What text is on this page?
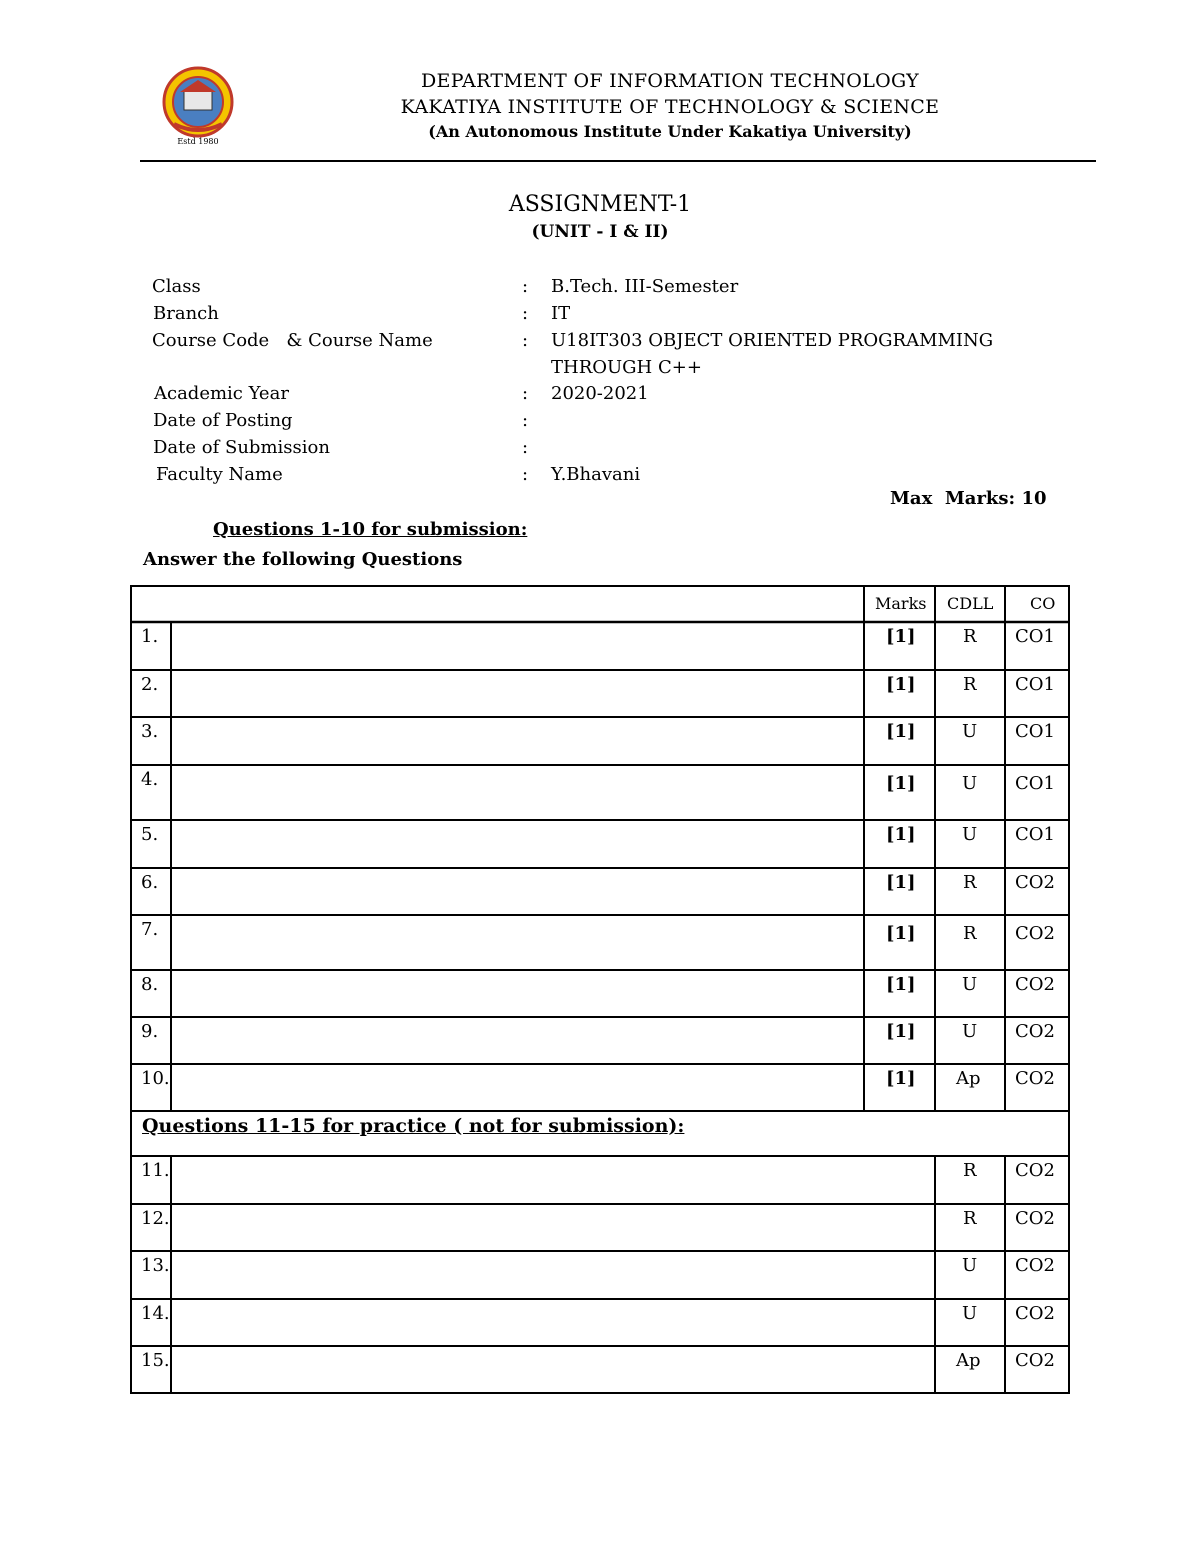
Estd 1980
DEPARTMENT OF INFORMATION TECHNOLOGY
KAKATIYA INSTITUTE OF TECHNOLOGY & SCIENCE
(An Autonomous Institute Under Kakatiya University)
ASSIGNMENT-1
(UNIT - I & II)
Class	: B.Tech. III-Semester
Branch	: IT
Course Code   & Course Name	: U18IT303 OBJECT ORIENTED PROGRAMMING
THROUGH C++
Academic Year	: 2020-2021
Date of Posting	:
Date of Submission	:
Faculty Name	: Y.Bhavani
Max  Marks: 10
Questions 1-10 for submission:
Answer the following Questions
Marks CDLL CO
1.	[1]	R CO1
2.	[1]	R CO1
3.	[1]	U CO1
4.	[1]	U CO1
5.	[1]	U CO1
6.	[1]	R CO2
7.	[1]	R CO2
8.	[1]	U CO2
9.	[1]	U CO2
10.	[1] Ap CO2
Questions 11-15 for practice ( not for submission):
11.	R CO2
12.	R CO2
13.	U CO2
14.	U CO2
15.	Ap CO2
